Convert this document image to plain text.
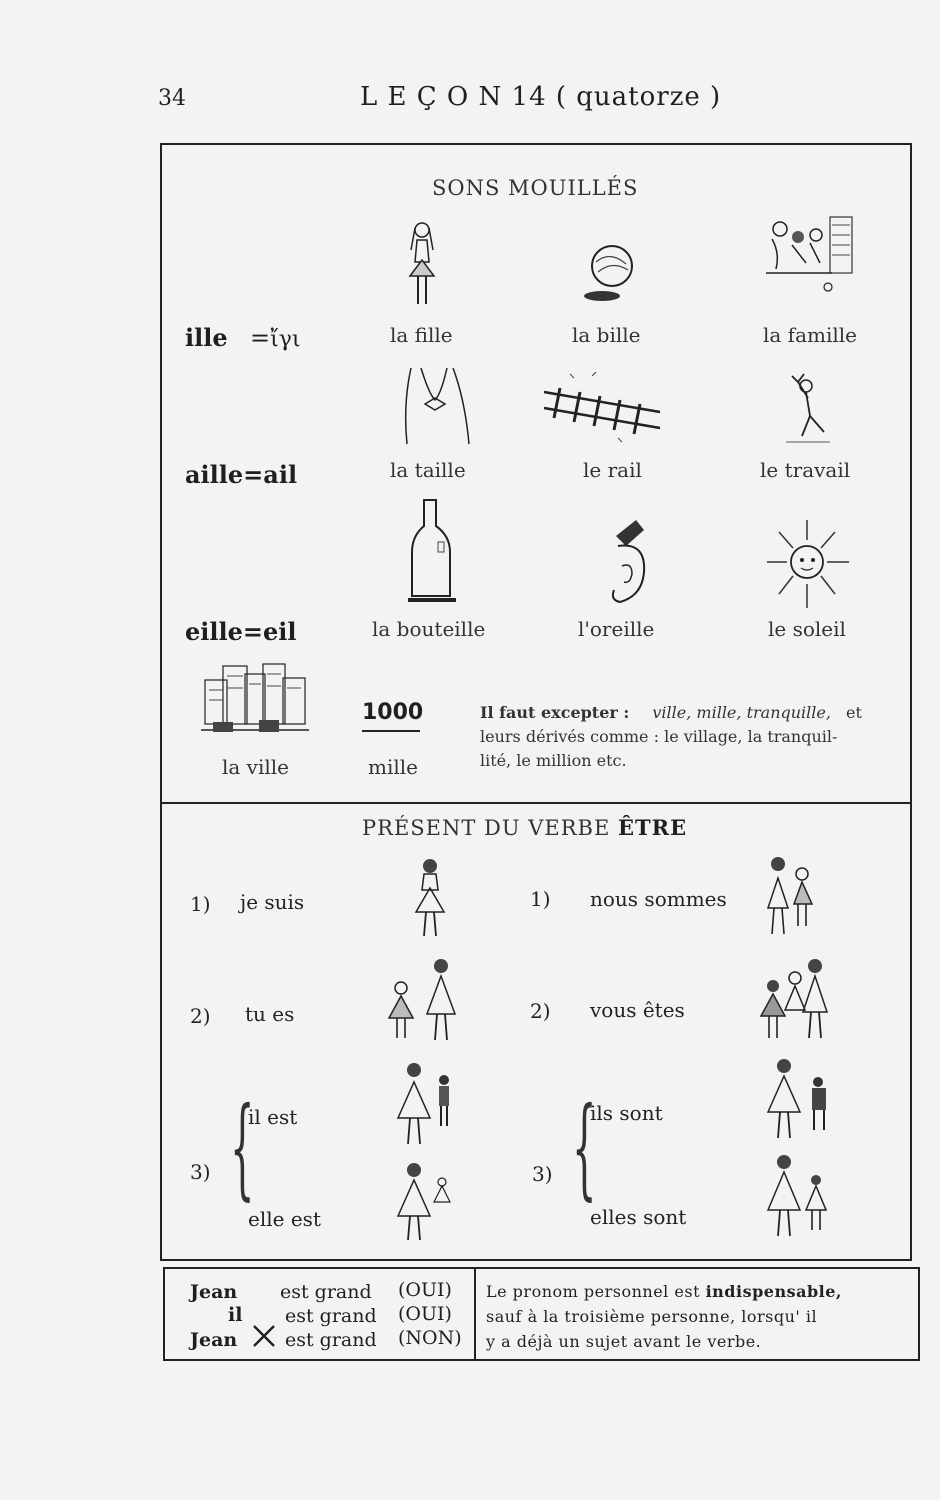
34	L E Ç O N 14 ( quatorze )
SONS MOUILLÉS
ille =ἴγι	la fille	la bille	la famille
aille=ail	la taille	le rail	le travail
eille=eil	la bouteille	l'oreille	le soleil
la ville
1000
mille
Il faut excepter : ville, mille, tranquille, et
leurs dérivés comme : le village, la tranquil-
lité, le million etc.
PRÉSENT DU VERBE ÊTRE
1) je suis	1) nous sommes
2) tu es	2) vous êtes
3) {
il est
elle est
3) {
ils sont
elles sont
Jean est grand (OUI)
il est grand (OUI)
Jean	est grand (NON)
Le pronom personnel est indispensable,
sauf à la troisième personne, lorsqu' il
y a déjà un sujet avant le verbe.
